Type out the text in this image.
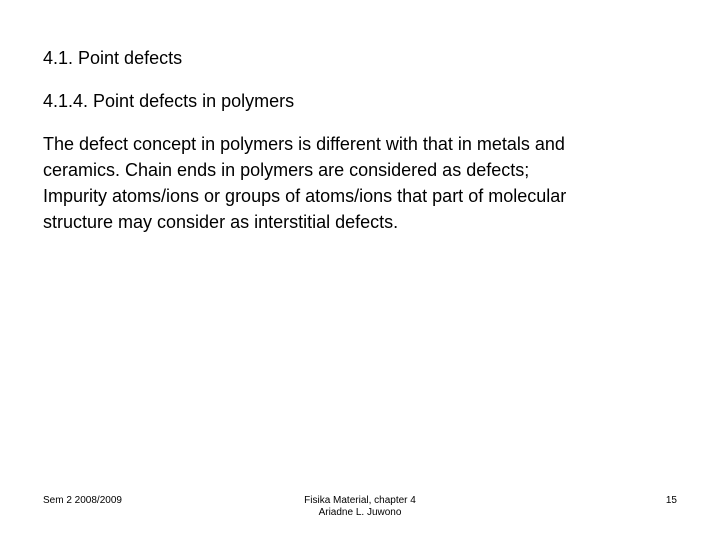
4.1. Point defects
4.1.4. Point defects in polymers
The defect concept in polymers is different with that in metals and
ceramics. Chain ends in polymers are considered as defects;
Impurity atoms/ions or groups of atoms/ions that part of molecular
structure may consider as interstitial defects.
Sem 2 2008/2009	Fisika Material, chapter 4
Ariadne L. Juwono
15
